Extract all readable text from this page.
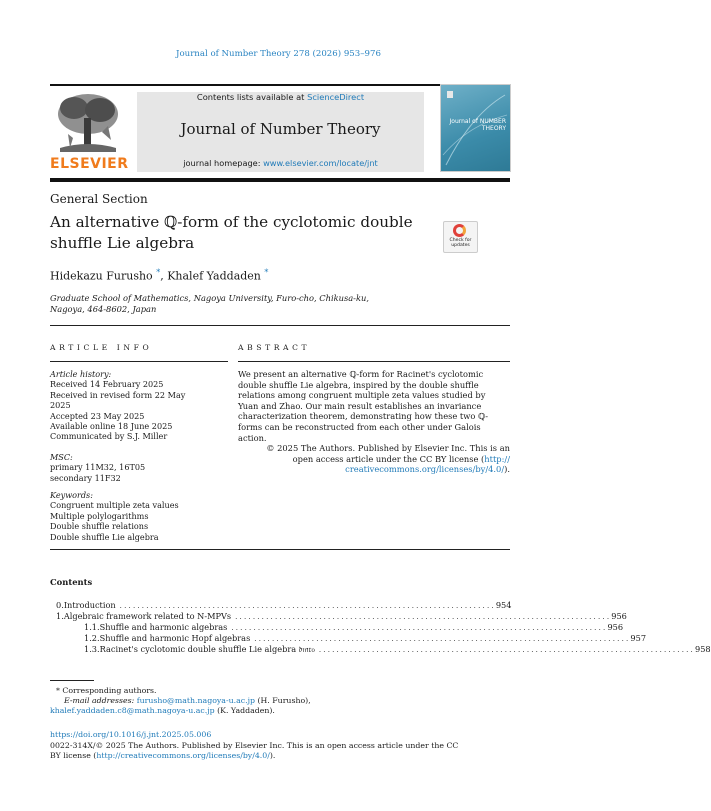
Journal of Number Theory 278 (2026) 953–976
ELSEVIER
Contents lists available at ScienceDirect
Journal of Number Theory
journal homepage: www.elsevier.com/locate/jnt
Journal of NUMBER THEORY
General Section
An alternative ℚ-form of the cyclotomic double
shuffle Lie algebra	Check for updates
Hidekazu Furusho *, Khalef Yaddaden *
Graduate School of Mathematics, Nagoya University, Furo-cho, Chikusa-ku,
Nagoya, 464-8602, Japan
ARTICLE INFO	ABSTRACT
Article history:
Received 14 February 2025
Received in revised form 22 May
2025
Accepted 23 May 2025
Available online 18 June 2025
Communicated by S.J. Miller
MSC:
primary 11M32, 16T05
secondary 11F32
Keywords:
Congruent multiple zeta values
Multiple polylogarithms
Double shuffle relations
Double shuffle Lie algebra
We present an alternative ℚ-form for Racinet's cyclotomic
double shuffle Lie algebra, inspired by the double shuffle
relations among congruent multiple zeta values studied by
Yuan and Zhao. Our main result establishes an invariance
characterization theorem, demonstrating how these two ℚ-
forms can be reconstructed from each other under Galois
action.
© 2025 The Authors. Published by Elsevier Inc. This is an
open access article under the CC BY license (http://
creativecommons.org/licenses/by/4.0/).
Contents
0. Introduction ..................................................................................... 954
1. Algebraic framework related to N-MPVs ..................................................................................... 956
1.1. Shuffle and harmonic algebras ..................................................................................... 956
1.2. Shuffle and harmonic Hopf algebras ..................................................................................... 957
1.3. Racinet's cyclotomic double shuffle Lie algebra 𝔡𝔪𝔯₀ ..................................................................................... 958
* Corresponding authors.
E-mail addresses: furusho@math.nagoya-u.ac.jp (H. Furusho),
khalef.yaddaden.c8@math.nagoya-u.ac.jp (K. Yaddaden).
https://doi.org/10.1016/j.jnt.2025.05.006
0022-314X/© 2025 The Authors. Published by Elsevier Inc. This is an open access article under the CC
BY license (http://creativecommons.org/licenses/by/4.0/).
